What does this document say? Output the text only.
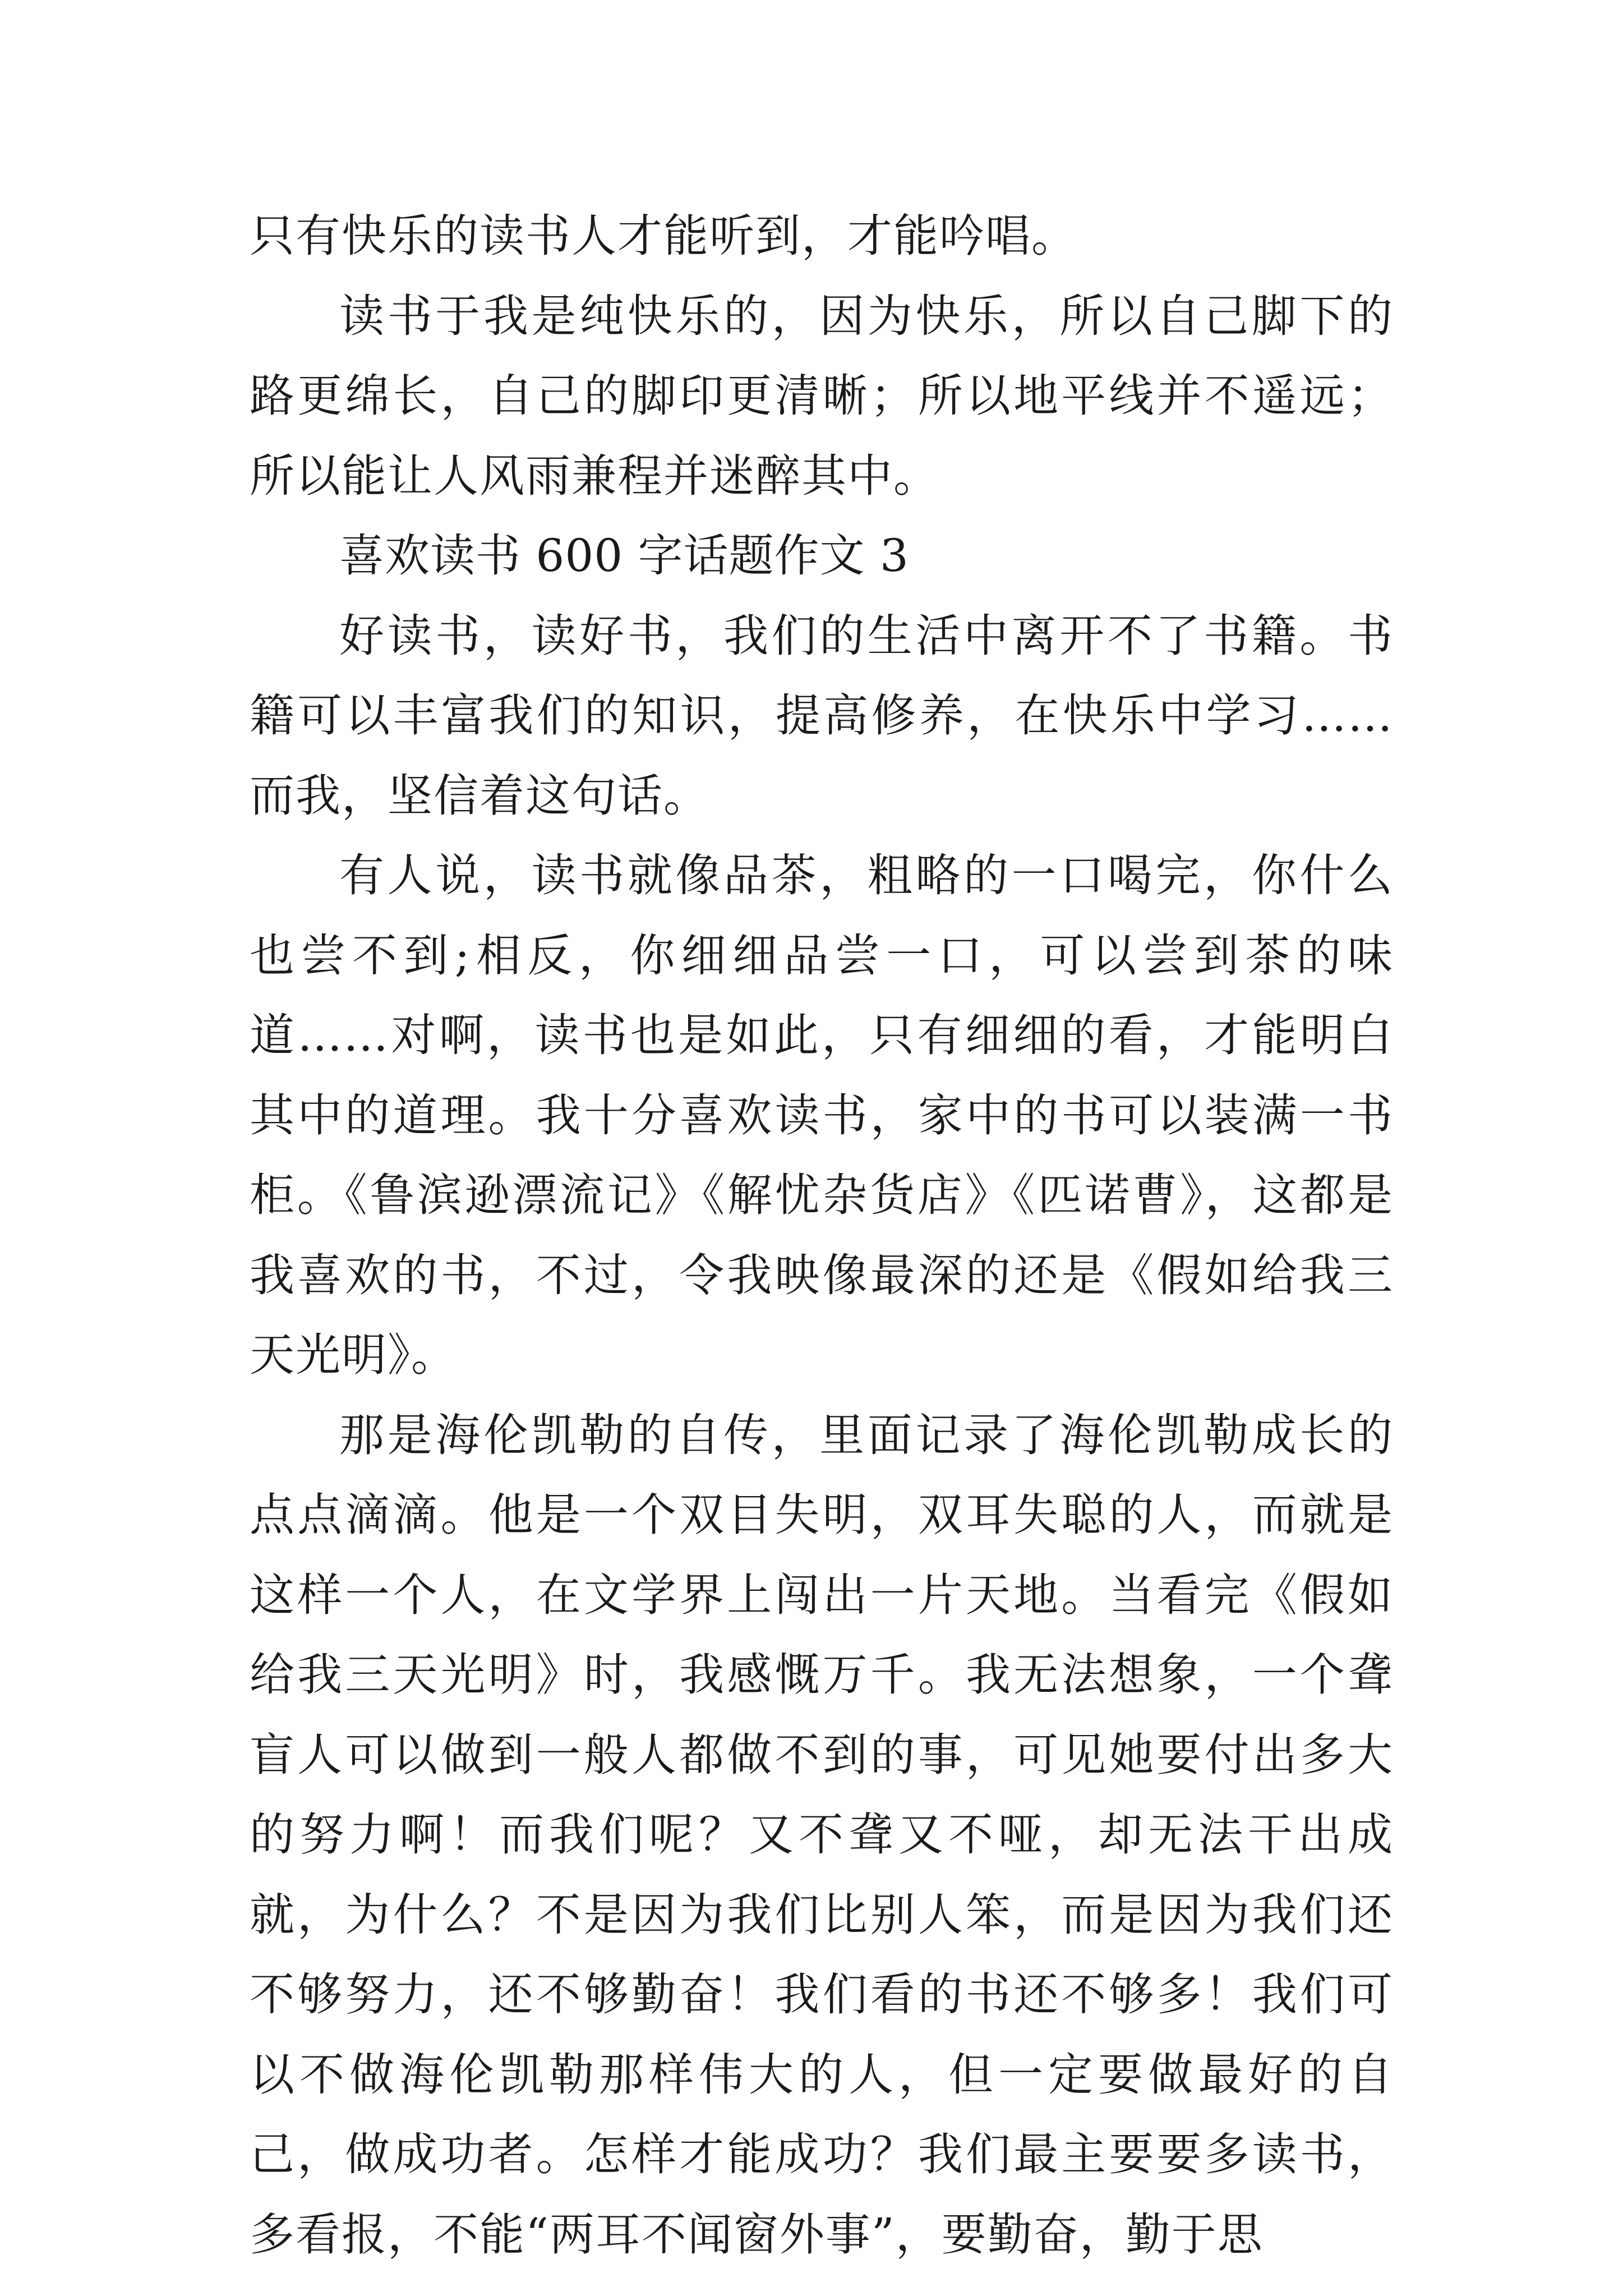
只有快乐的读书人才能听到，才能吟唱。

读书于我是纯快乐的，因为快乐，所以自己脚下的路更绵长，自己的脚印更清晰；所以地平线并不遥远；所以能让人风雨兼程并迷醉其中。

喜欢读书 600 字话题作文 3

好读书，读好书，我们的生活中离开不了书籍。书籍可以丰富我们的知识，提高修养，在快乐中学习……而我，坚信着这句话。

有人说，读书就像品茶，粗略的一口喝完，你什么也尝不到;相反，你细细品尝一口，可以尝到茶的味道……对啊，读书也是如此，只有细细的看，才能明白其中的道理。我十分喜欢读书，家中的书可以装满一书柜。《鲁滨逊漂流记》《解忧杂货店》《匹诺曹》，这都是我喜欢的书，不过，令我映像最深的还是《假如给我三天光明》。

那是海伦凯勒的自传，里面记录了海伦凯勒成长的点点滴滴。他是一个双目失明，双耳失聪的人，而就是这样一个人，在文学界上闯出一片天地。当看完《假如给我三天光明》时，我感慨万千。我无法想象，一个聋盲人可以做到一般人都做不到的事，可见她要付出多大的努力啊！而我们呢？又不聋又不哑，却无法干出成就，为什么？不是因为我们比别人笨，而是因为我们还不够努力，还不够勤奋！我们看的书还不够多！我们可以不做海伦凯勒那样伟大的人，但一定要做最好的自己，做成功者。怎样才能成功？我们最主要要多读书，多看报，不能“两耳不闻窗外事”，要勤奋，勤于思
